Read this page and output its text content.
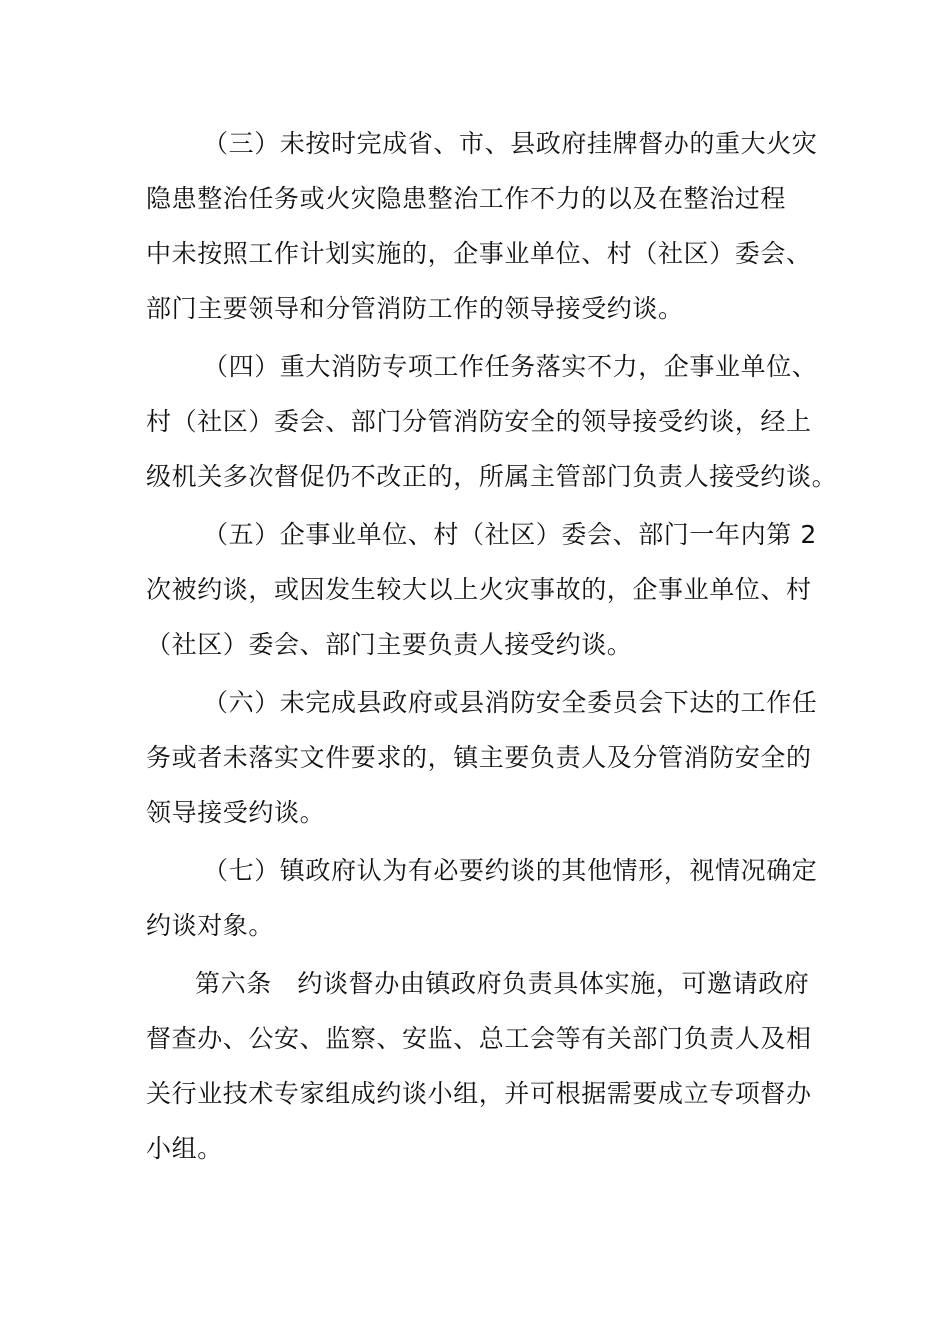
（三）未按时完成省、市、县政府挂牌督办的重大火灾
隐患整治任务或火灾隐患整治工作不力的以及在整治过程
中未按照工作计划实施的，企事业单位、村（社区）委会、
部门主要领导和分管消防工作的领导接受约谈。
（四）重大消防专项工作任务落实不力，企事业单位、
村（社区）委会、部门分管消防安全的领导接受约谈，经上
级机关多次督促仍不改正的，所属主管部门负责人接受约谈。
（五）企事业单位、村（社区）委会、部门一年内第 2
次被约谈，或因发生较大以上火灾事故的，企事业单位、村
（社区）委会、部门主要负责人接受约谈。
（六）未完成县政府或县消防安全委员会下达的工作任
务或者未落实文件要求的，镇主要负责人及分管消防安全的
领导接受约谈。
（七）镇政府认为有必要约谈的其他情形，视情况确定
约谈对象。
第六条　约谈督办由镇政府负责具体实施，可邀请政府
督查办、公安、监察、安监、总工会等有关部门负责人及相
关行业技术专家组成约谈小组，并可根据需要成立专项督办
小组。
